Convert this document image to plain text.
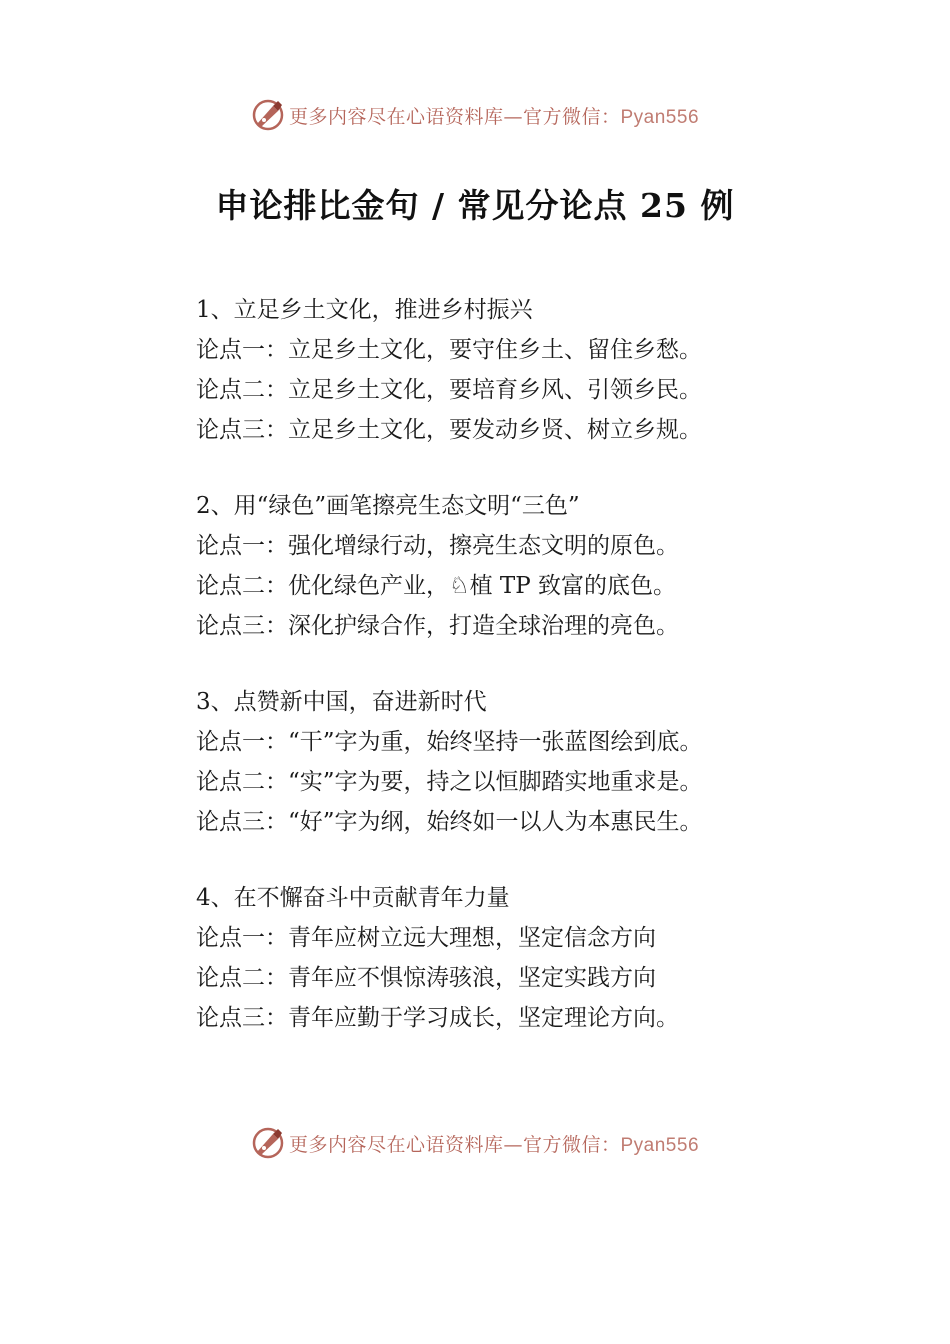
更多内容尽在心语资料库—官方微信：Pyan556
申论排比金句 / 常见分论点 25 例

1、立足乡土文化，推进乡村振兴

论点一：立足乡土文化，要守住乡土、留住乡愁。

论点二：立足乡土文化，要培育乡风、引领乡民。

论点三：立足乡土文化，要发动乡贤、树立乡规。

2、用“绿色”画笔擦亮生态文明“三色”

论点一：强化增绿行动，擦亮生态文明的原色。

论点二：优化绿色产业，♘植 TP 致富的底色。

论点三：深化护绿合作，打造全球治理的亮色。

3、点赞新中国，奋进新时代

论点一：“干”字为重，始终坚持一张蓝图绘到底。

论点二：“实”字为要，持之以恒脚踏实地重求是。

论点三：“好”字为纲，始终如一以人为本惠民生。

4、在不懈奋斗中贡献青年力量

论点一：青年应树立远大理想，坚定信念方向

论点二：青年应不惧惊涛骇浪，坚定实践方向

论点三：青年应勤于学习成长，坚定理论方向。

更多内容尽在心语资料库—官方微信：Pyan556
